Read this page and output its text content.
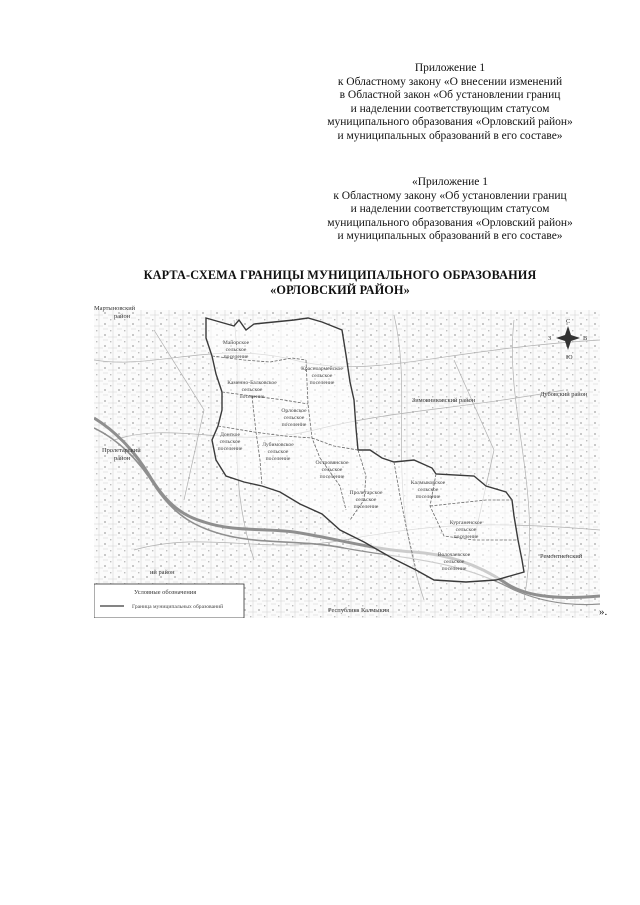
Приложение 1
к Областному закону «О внесении изменений
в Областной закон «Об установлении границ
и наделении соответствующим статусом
муниципального образования «Орловский район»
и муниципальных образований в его составе»
«Приложение 1
к Областному закону «Об установлении границ
и наделении соответствующим статусом
муниципального образования «Орловский район»
и муниципальных образований в его составе»
КАРТА-СХЕМА ГРАНИЦЫ МУНИЦИПАЛЬНОГО ОБРАЗОВАНИЯ
«ОРЛОВСКИЙ РАЙОН»
Мартыновский
район
Зимовниковский район
Дубовский район
Пролетарский
район
Ремонтненский
ий район
Республика Калмыкия
Майорское
сельское
поселение
Каменно-Балковское
сельское
поселение
Красноармейское
сельское
поселение
Орловское
сельское
поселение
Донское
сельское
поселение
Лубимовское
сельское
поселение
Островянское
сельское
поселение
Пролетарское
сельское
поселение
Калмыковское
сельское
поселение
Курганенское
сельское
поселение
Волочаевское
сельское
поселение
С
Ю
З	В
Условные обозначения
Граница муниципальных образований	».
